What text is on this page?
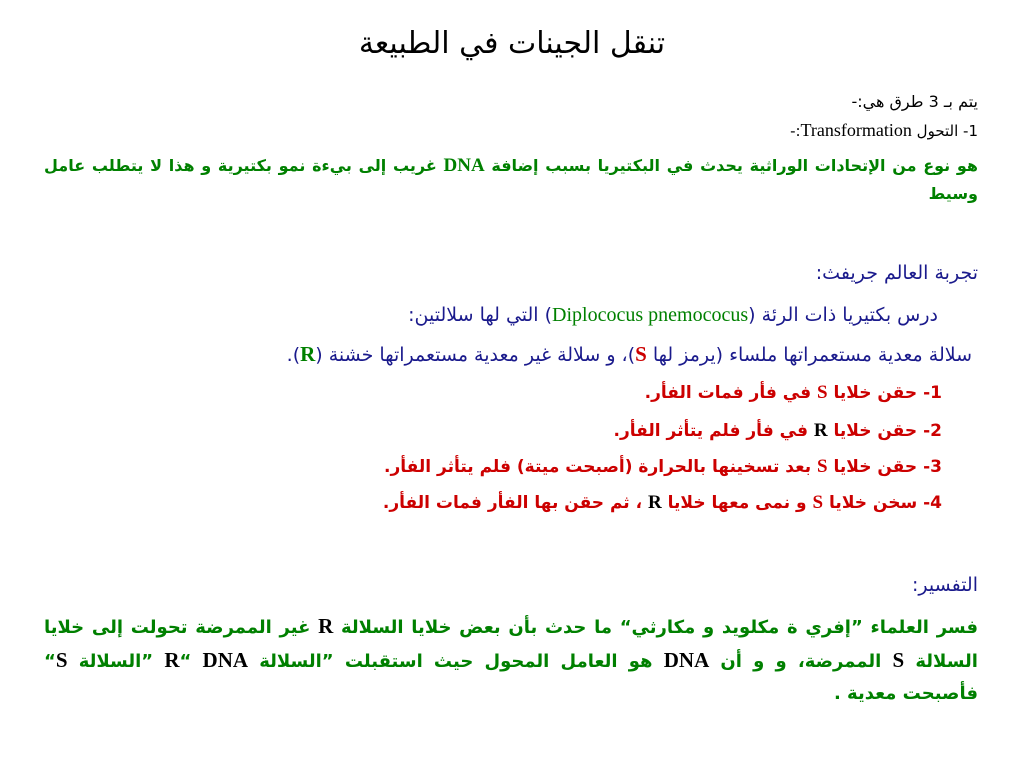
تنقل الجينات في الطبيعة
يتم بـ 3 طرق هي:-
1- التحول Transformation:-
هو نوع من الإتحادات الوراثية يحدث في البكتيريا بسبب إضافة DNA غريب إلى بيءة نمو بكتيرية و هذا لا يتطلب عامل وسيط
تجربة العالم جريفث:
درس بكتيريا ذات الرئة (Diplococus pnemococus) التي لها سلالتين:
سلالة معدية مستعمراتها ملساء (يرمز لها S)، و سلالة غير معدية مستعمراتها خشنة (R).
1- حقن خلايا S في فأر فمات الفأر.
2- حقن خلايا R في فأر فلم يتأثر الفأر.
3- حقن خلايا S بعد تسخينها بالحرارة (أصبحت ميتة) فلم يتأثر الفأر.
4- سخن خلايا S و نمى معها خلايا R ، ثم حقن بها الفأر فمات الفأر.
التفسير:
فسر العلماء ”إفري ة مكلويد و مكارثي“ ما حدث بأن بعض خلايا السلالة R غير الممرضة تحولت إلى خلايا السلالة S الممرضة، و و أن DNA هو العامل المحول حيث استقبلت ”السلالة R“ DNA ”السلالة S“ فأصبحت معدية .
